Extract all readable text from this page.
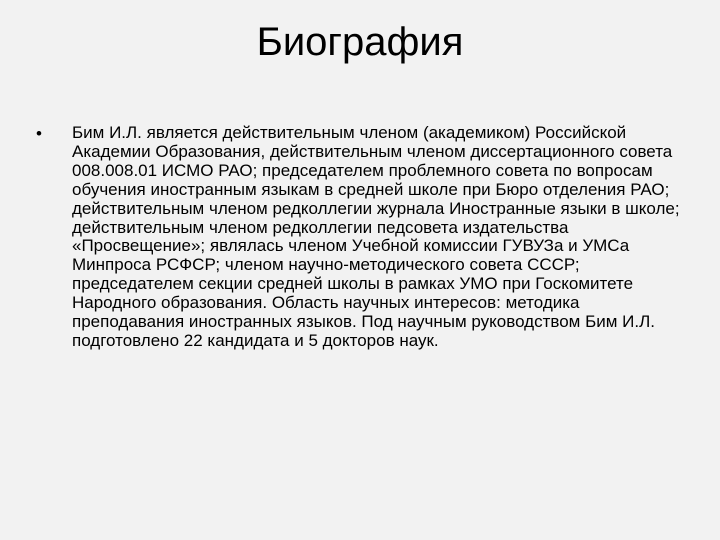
Биография
•	Бим И.Л. является действительным членом (академиком) Российской Академии Образования, действительным членом диссертационного совета 008.008.01 ИСМО РАО; председателем проблемного совета по вопросам обучения иностранным языкам в средней школе при Бюро отделения РАО; действительным членом редколлегии журнала Иностранные языки в школе; действительным членом редколлегии педсовета издательства «Просвещение»; являлась членом Учебной комиссии ГУВУЗа и УМСа Минпроса РСФСР; членом научно-методического совета СССР; председателем секции средней школы в рамках УМО при Госкомитете Народного образования. Область научных интересов: методика преподавания иностранных языков. Под научным руководством Бим И.Л. подготовлено 22 кандидата и 5 докторов наук.
